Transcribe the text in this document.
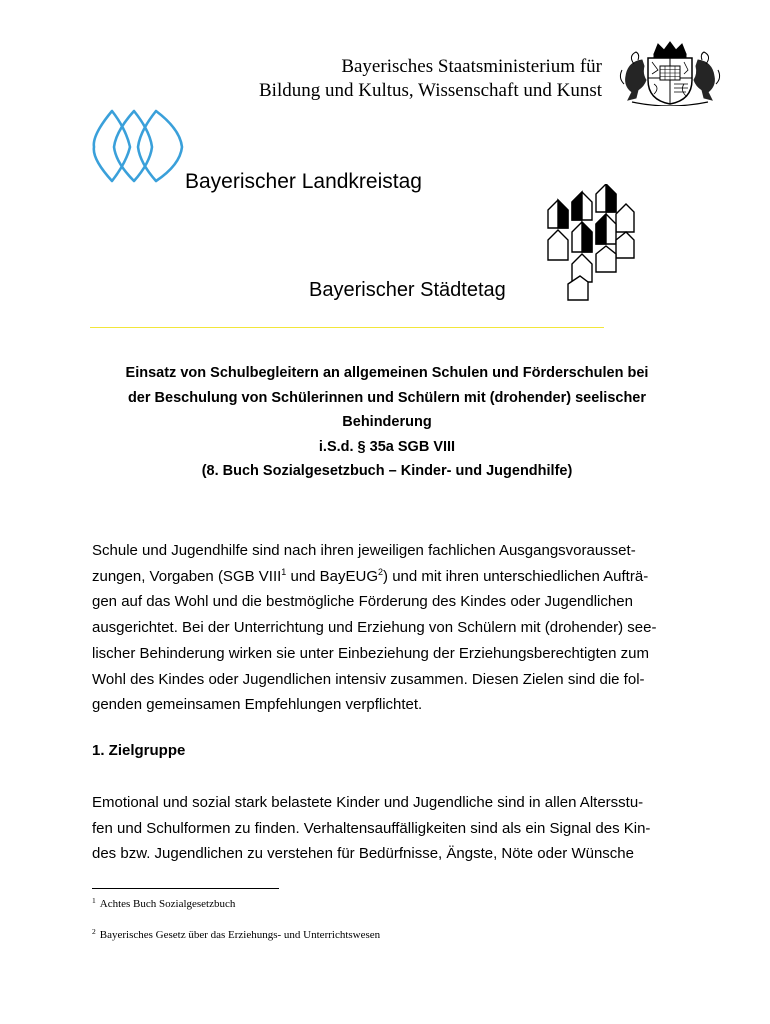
Bayerisches Staatsministerium für
Bildung und Kultus, Wissenschaft und Kunst
Bayerischer Landkreistag
Bayerischer Städtetag
Einsatz von Schulbegleitern an allgemeinen Schulen und Förderschulen bei
der Beschulung von Schülerinnen und Schülern mit (drohender) seelischer
Behinderung
i.S.d. § 35a SGB VIII
(8. Buch Sozialgesetzbuch – Kinder- und Jugendhilfe)
Schule und Jugendhilfe sind nach ihren jeweiligen fachlichen Ausgangsvorausset-
zungen, Vorgaben (SGB VIII$^1$ und BayEUG$^2$) und mit ihren unterschiedlichen Aufträ-
gen auf das Wohl und die bestmögliche Förderung des Kindes oder Jugendlichen
ausgerichtet. Bei der Unterrichtung und Erziehung von Schülern mit (drohender) see-
lischer Behinderung wirken sie unter Einbeziehung der Erziehungsberechtigten zum
Wohl des Kindes oder Jugendlichen intensiv zusammen. Diesen Zielen sind die fol-
genden gemeinsamen Empfehlungen verpflichtet.
1. Zielgruppe
Emotional und sozial stark belastete Kinder und Jugendliche sind in allen Altersstu-
fen und Schulformen zu finden. Verhaltensauffälligkeiten sind als ein Signal des Kin-
des bzw. Jugendlichen zu verstehen für Bedürfnisse, Ängste, Nöte oder Wünsche
$^1$ Achtes Buch Sozialgesetzbuch
$^2$ Bayerisches Gesetz über das Erziehungs- und Unterrichtswesen
